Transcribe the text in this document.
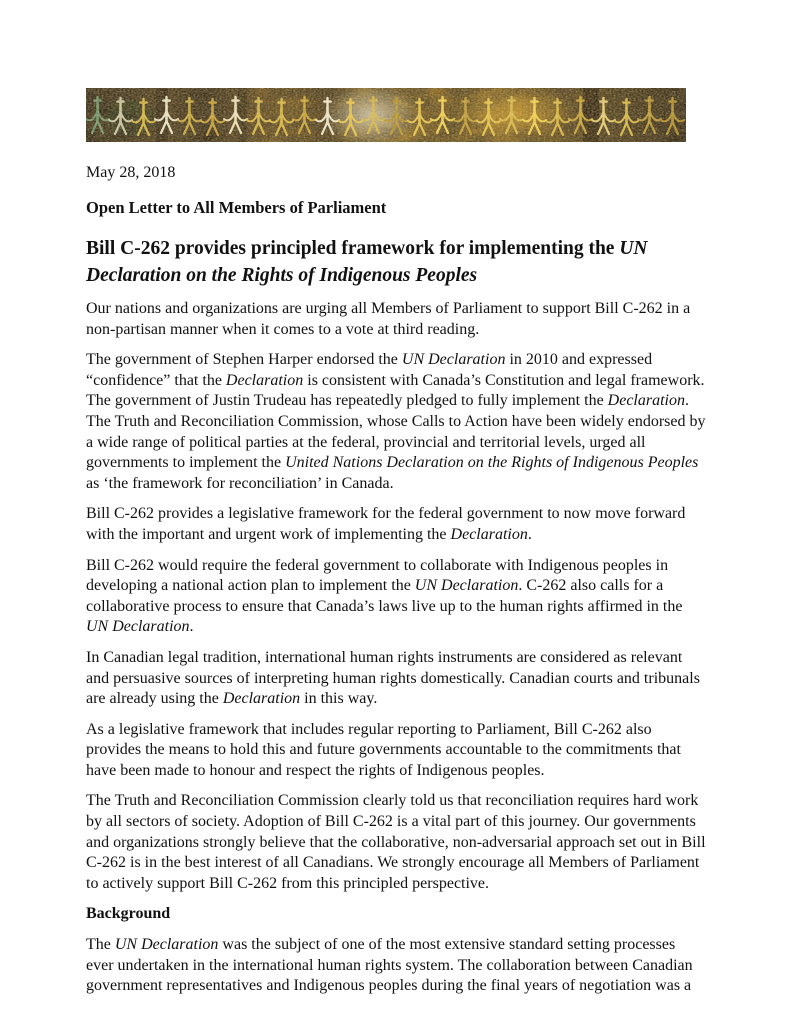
May 28, 2018

Open Letter to All Members of Parliament

Bill C-262 provides principled framework for implementing the UN Declaration on the Rights of Indigenous Peoples

Our nations and organizations are urging all Members of Parliament to support Bill C-262 in a non-partisan manner when it comes to a vote at third reading.

The government of Stephen Harper endorsed the UN Declaration in 2010 and expressed “confidence” that the Declaration is consistent with Canada’s Constitution and legal framework. The government of Justin Trudeau has repeatedly pledged to fully implement the Declaration. The Truth and Reconciliation Commission, whose Calls to Action have been widely endorsed by a wide range of political parties at the federal, provincial and territorial levels, urged all governments to implement the United Nations Declaration on the Rights of Indigenous Peoples as ‘the framework for reconciliation’ in Canada.

Bill C-262 provides a legislative framework for the federal government to now move forward with the important and urgent work of implementing the Declaration.

Bill C-262 would require the federal government to collaborate with Indigenous peoples in developing a national action plan to implement the UN Declaration. C-262 also calls for a collaborative process to ensure that Canada’s laws live up to the human rights affirmed in the UN Declaration.

In Canadian legal tradition, international human rights instruments are considered as relevant and persuasive sources of interpreting human rights domestically. Canadian courts and tribunals are already using the Declaration in this way.

As a legislative framework that includes regular reporting to Parliament, Bill C-262 also provides the means to hold this and future governments accountable to the commitments that have been made to honour and respect the rights of Indigenous peoples.

The Truth and Reconciliation Commission clearly told us that reconciliation requires hard work by all sectors of society. Adoption of Bill C-262 is a vital part of this journey. Our governments and organizations strongly believe that the collaborative, non-adversarial approach set out in Bill C-262 is in the best interest of all Canadians. We strongly encourage all Members of Parliament to actively support Bill C-262 from this principled perspective.

Background

The UN Declaration was the subject of one of the most extensive standard setting processes ever undertaken in the international human rights system. The collaboration between Canadian government representatives and Indigenous peoples during the final years of negotiation was a
